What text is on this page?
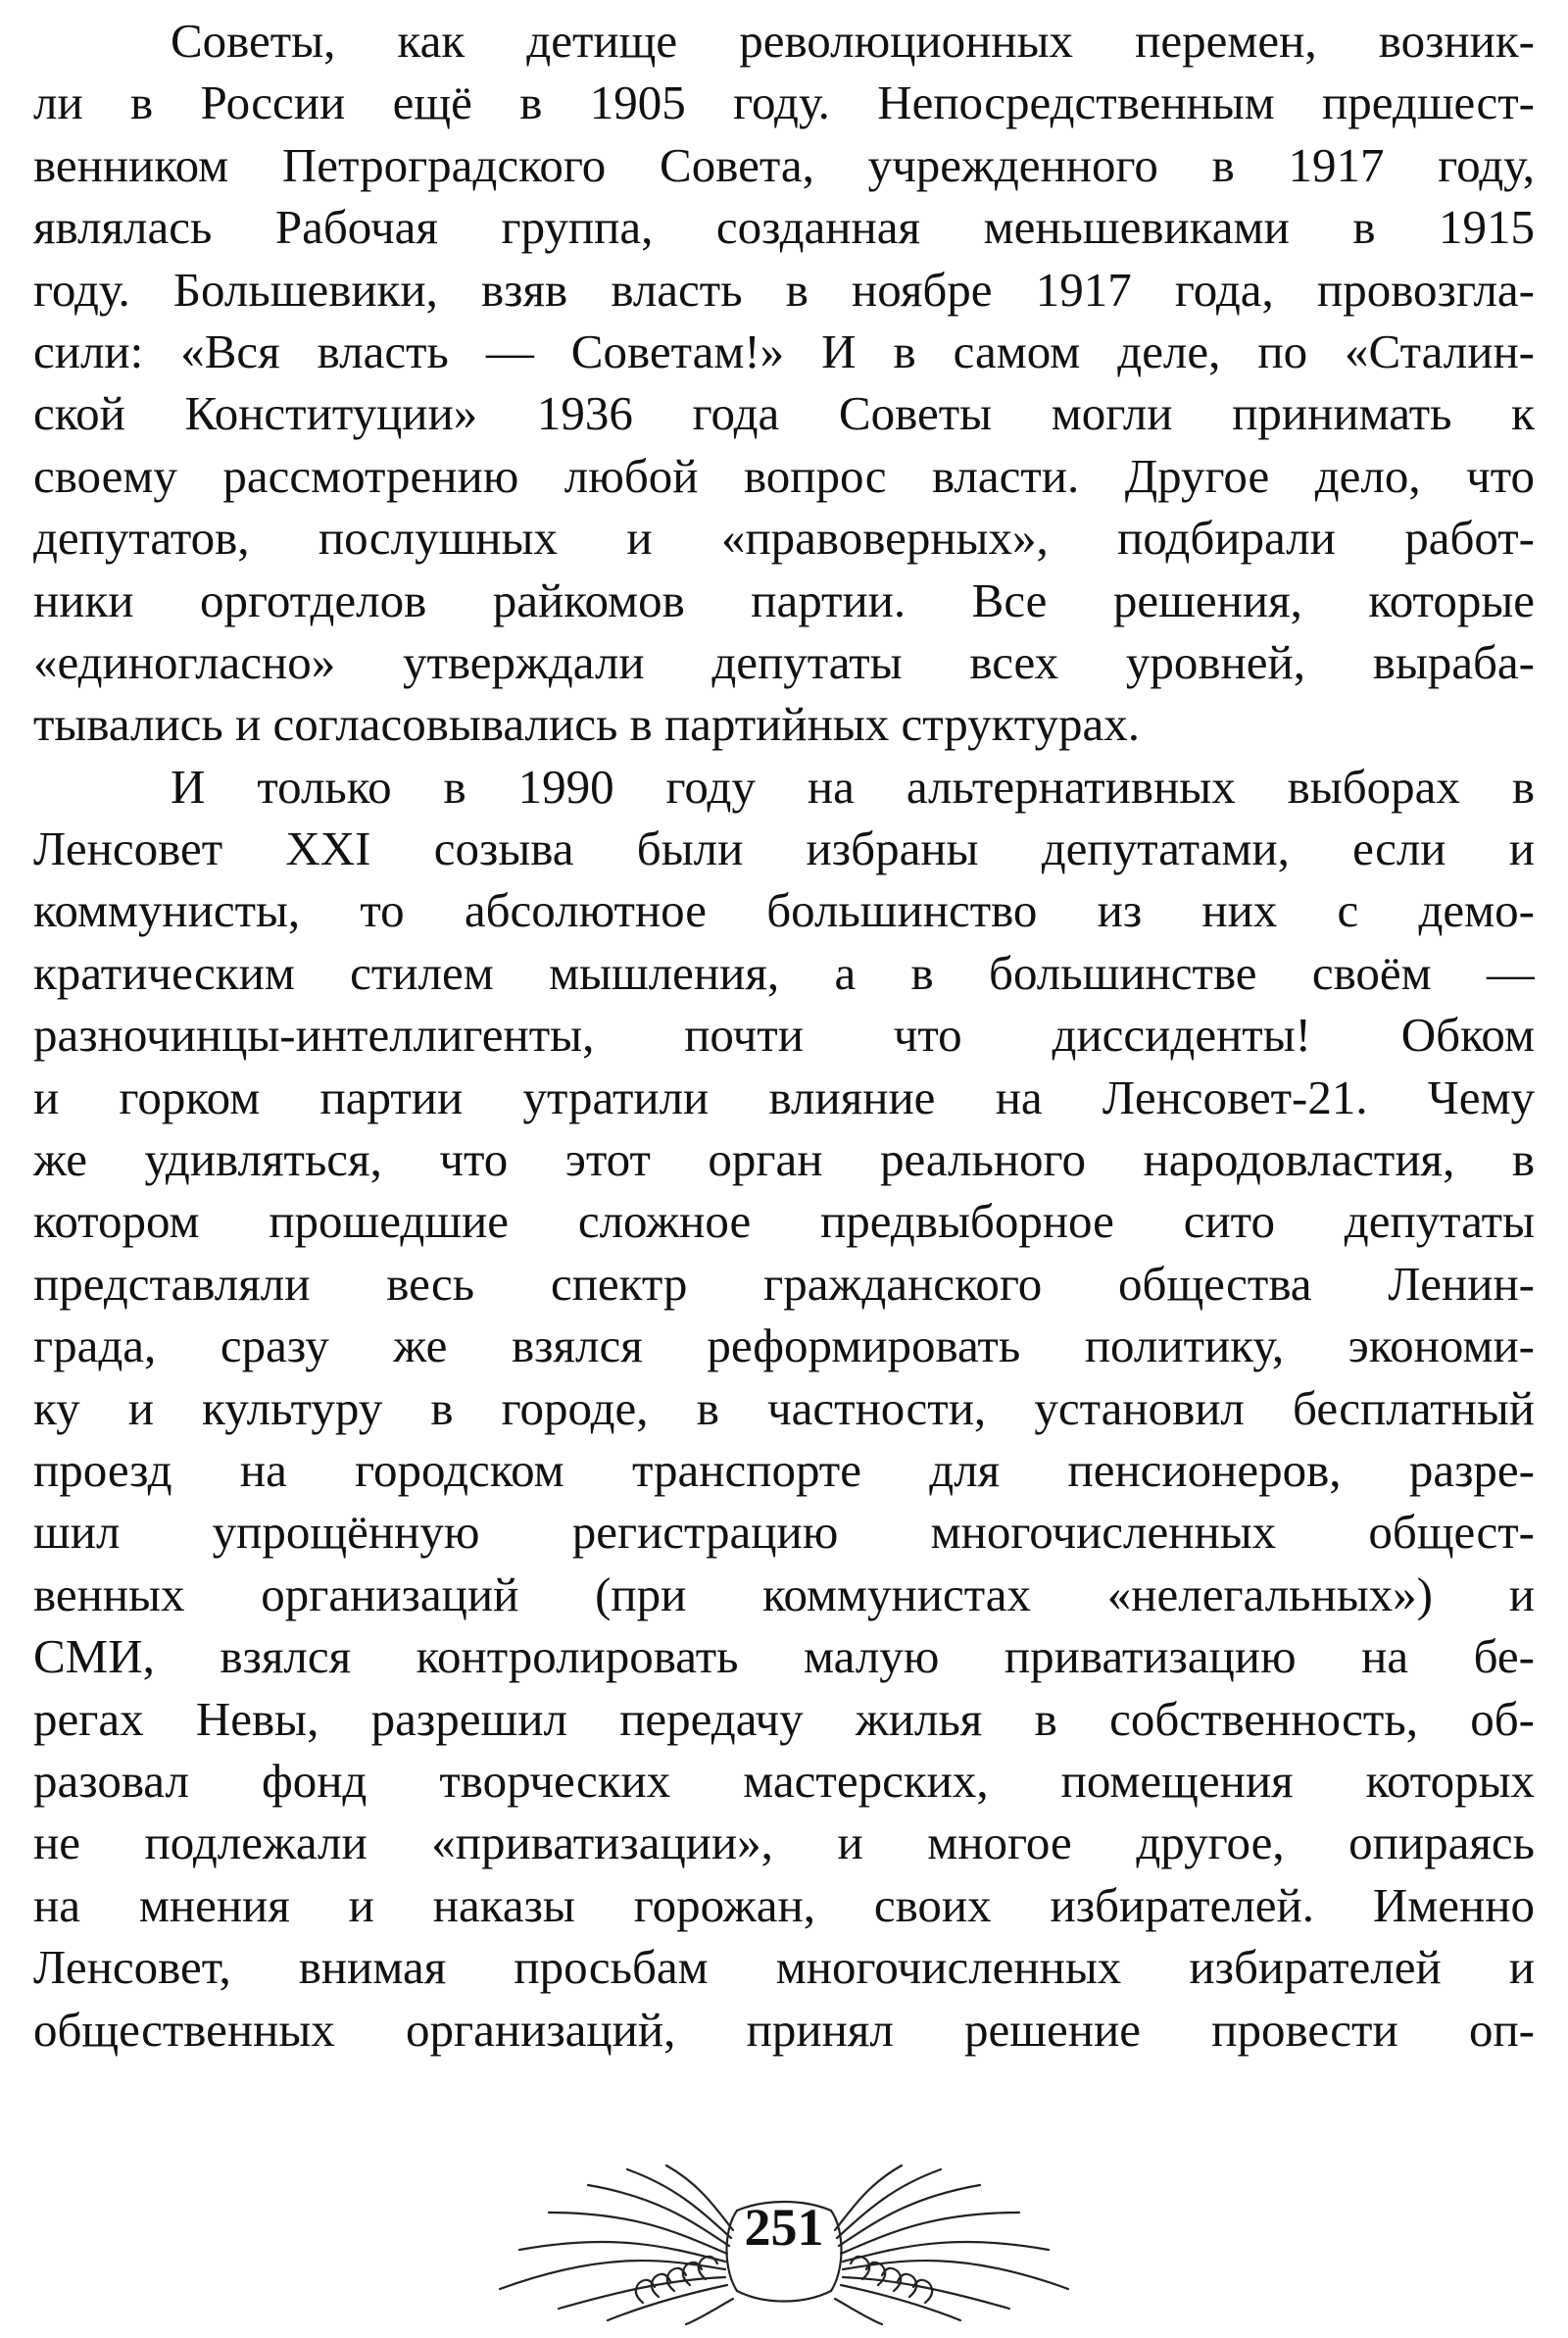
Советы, как детище революционных перемен, возник-
ли в России ещё в 1905 году. Непосредственным предшест-
венником Петроградского Совета, учрежденного в 1917 году,
являлась Рабочая группа, созданная меньшевиками в 1915
году. Большевики, взяв власть в ноябре 1917 года, провозгла-
сили: «Вся власть — Советам!» И в самом деле, по «Сталин-
ской Конституции» 1936 года Советы могли принимать к
своему рассмотрению любой вопрос власти. Другое дело, что
депутатов, послушных и «правоверных», подбирали работ-
ники орготделов райкомов партии. Все решения, которые
«единогласно» утверждали депутаты всех уровней, выраба-
тывались и согласовывались в партийных структурах.
И только в 1990 году на альтернативных выборах в
Ленсовет XXI созыва были избраны депутатами, если и
коммунисты, то абсолютное большинство из них с демо-
кратическим стилем мышления, а в большинстве своём —
разночинцы-интеллигенты, почти что диссиденты! Обком
и горком партии утратили влияние на Ленсовет-21. Чему
же удивляться, что этот орган реального народовластия, в
котором прошедшие сложное предвыборное сито депутаты
представляли весь спектр гражданского общества Ленин-
града, сразу же взялся реформировать политику, экономи-
ку и культуру в городе, в частности, установил бесплатный
проезд на городском транспорте для пенсионеров, разре-
шил упрощённую регистрацию многочисленных общест-
венных организаций (при коммунистах «нелегальных») и
СМИ, взялся контролировать малую приватизацию на бе-
регах Невы, разрешил передачу жилья в собственность, об-
разовал фонд творческих мастерских, помещения которых
не подлежали «приватизации», и многое другое, опираясь
на мнения и наказы горожан, своих избирателей. Именно
Ленсовет, внимая просьбам многочисленных избирателей и
общественных организаций, принял решение провести оп-
251
